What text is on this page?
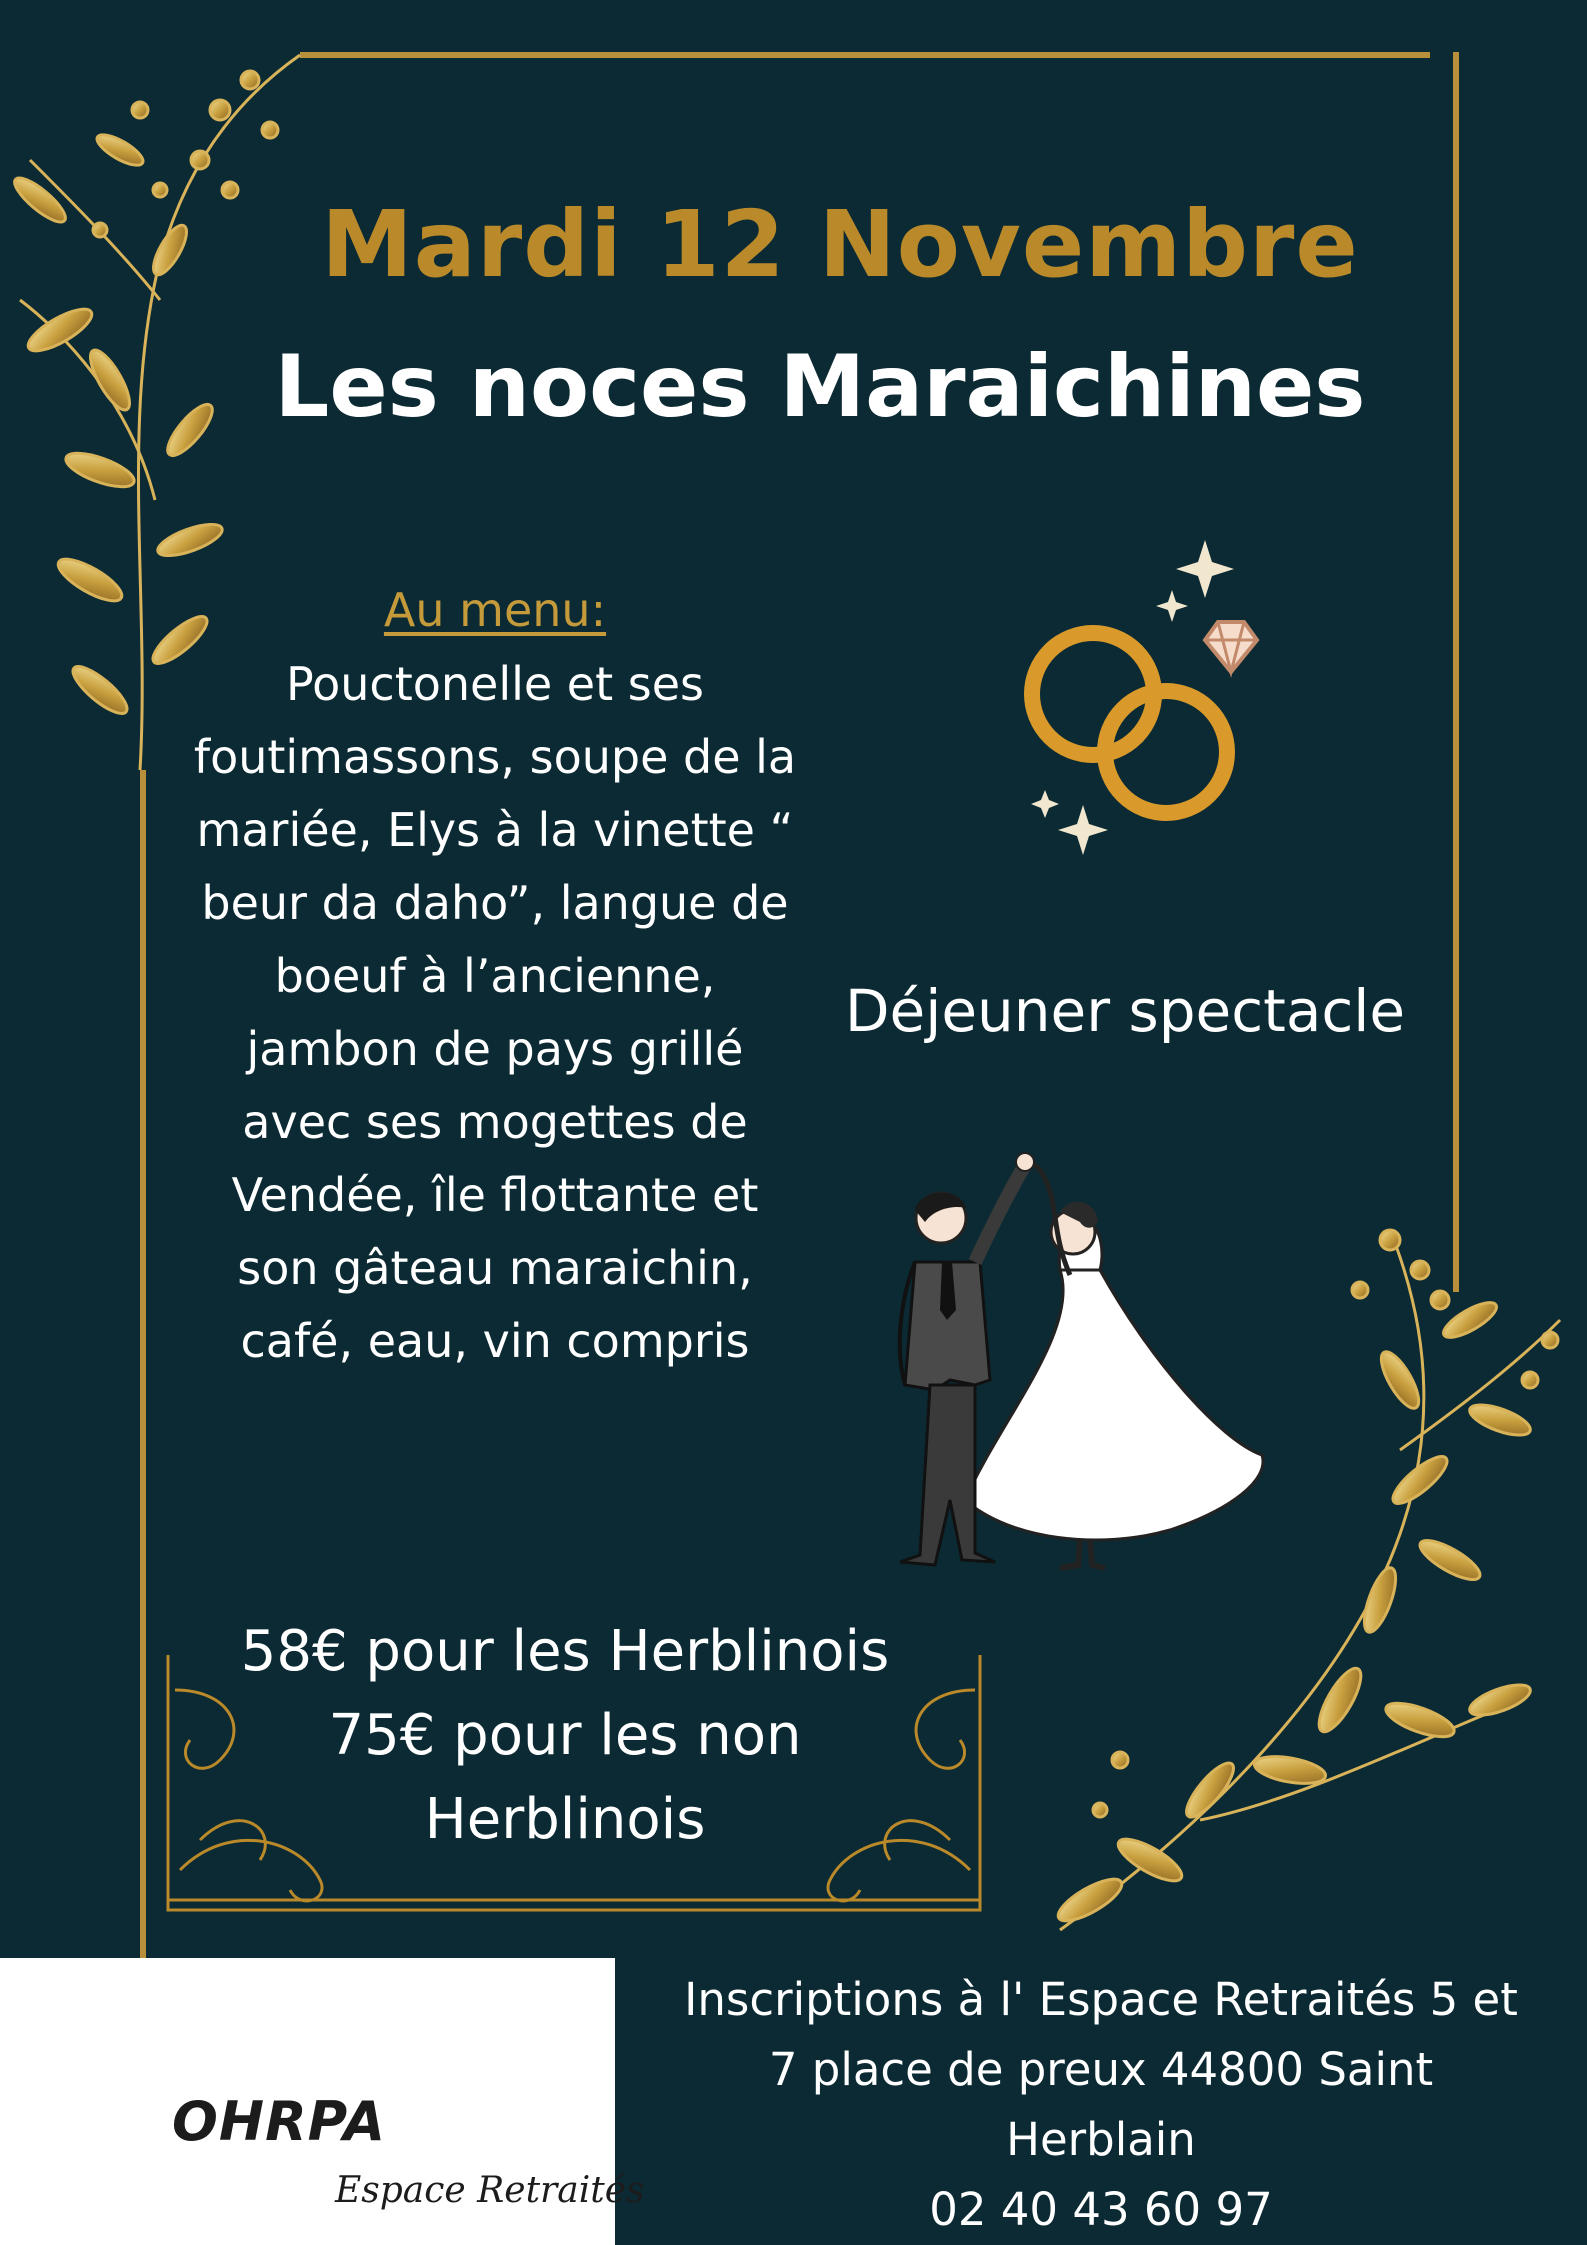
Mardi 12 Novembre
Les noces Maraichines
Au menu:
Pouctonelle et ses foutimassons, soupe de la mariée, Elys à la vinette “ beur da daho”, langue de boeuf à l’ancienne, jambon de pays grillé avec ses mogettes de Vendée, île flottante et son gâteau maraichin, café, eau, vin compris
Déjeuner spectacle
58€ pour les Herblinois
75€ pour les non
Herblinois
OHRPA
Espace Retraités
Inscriptions à l' Espace Retraités 5 et
7 place de preux 44800 Saint
Herblain
02 40 43 60 97
